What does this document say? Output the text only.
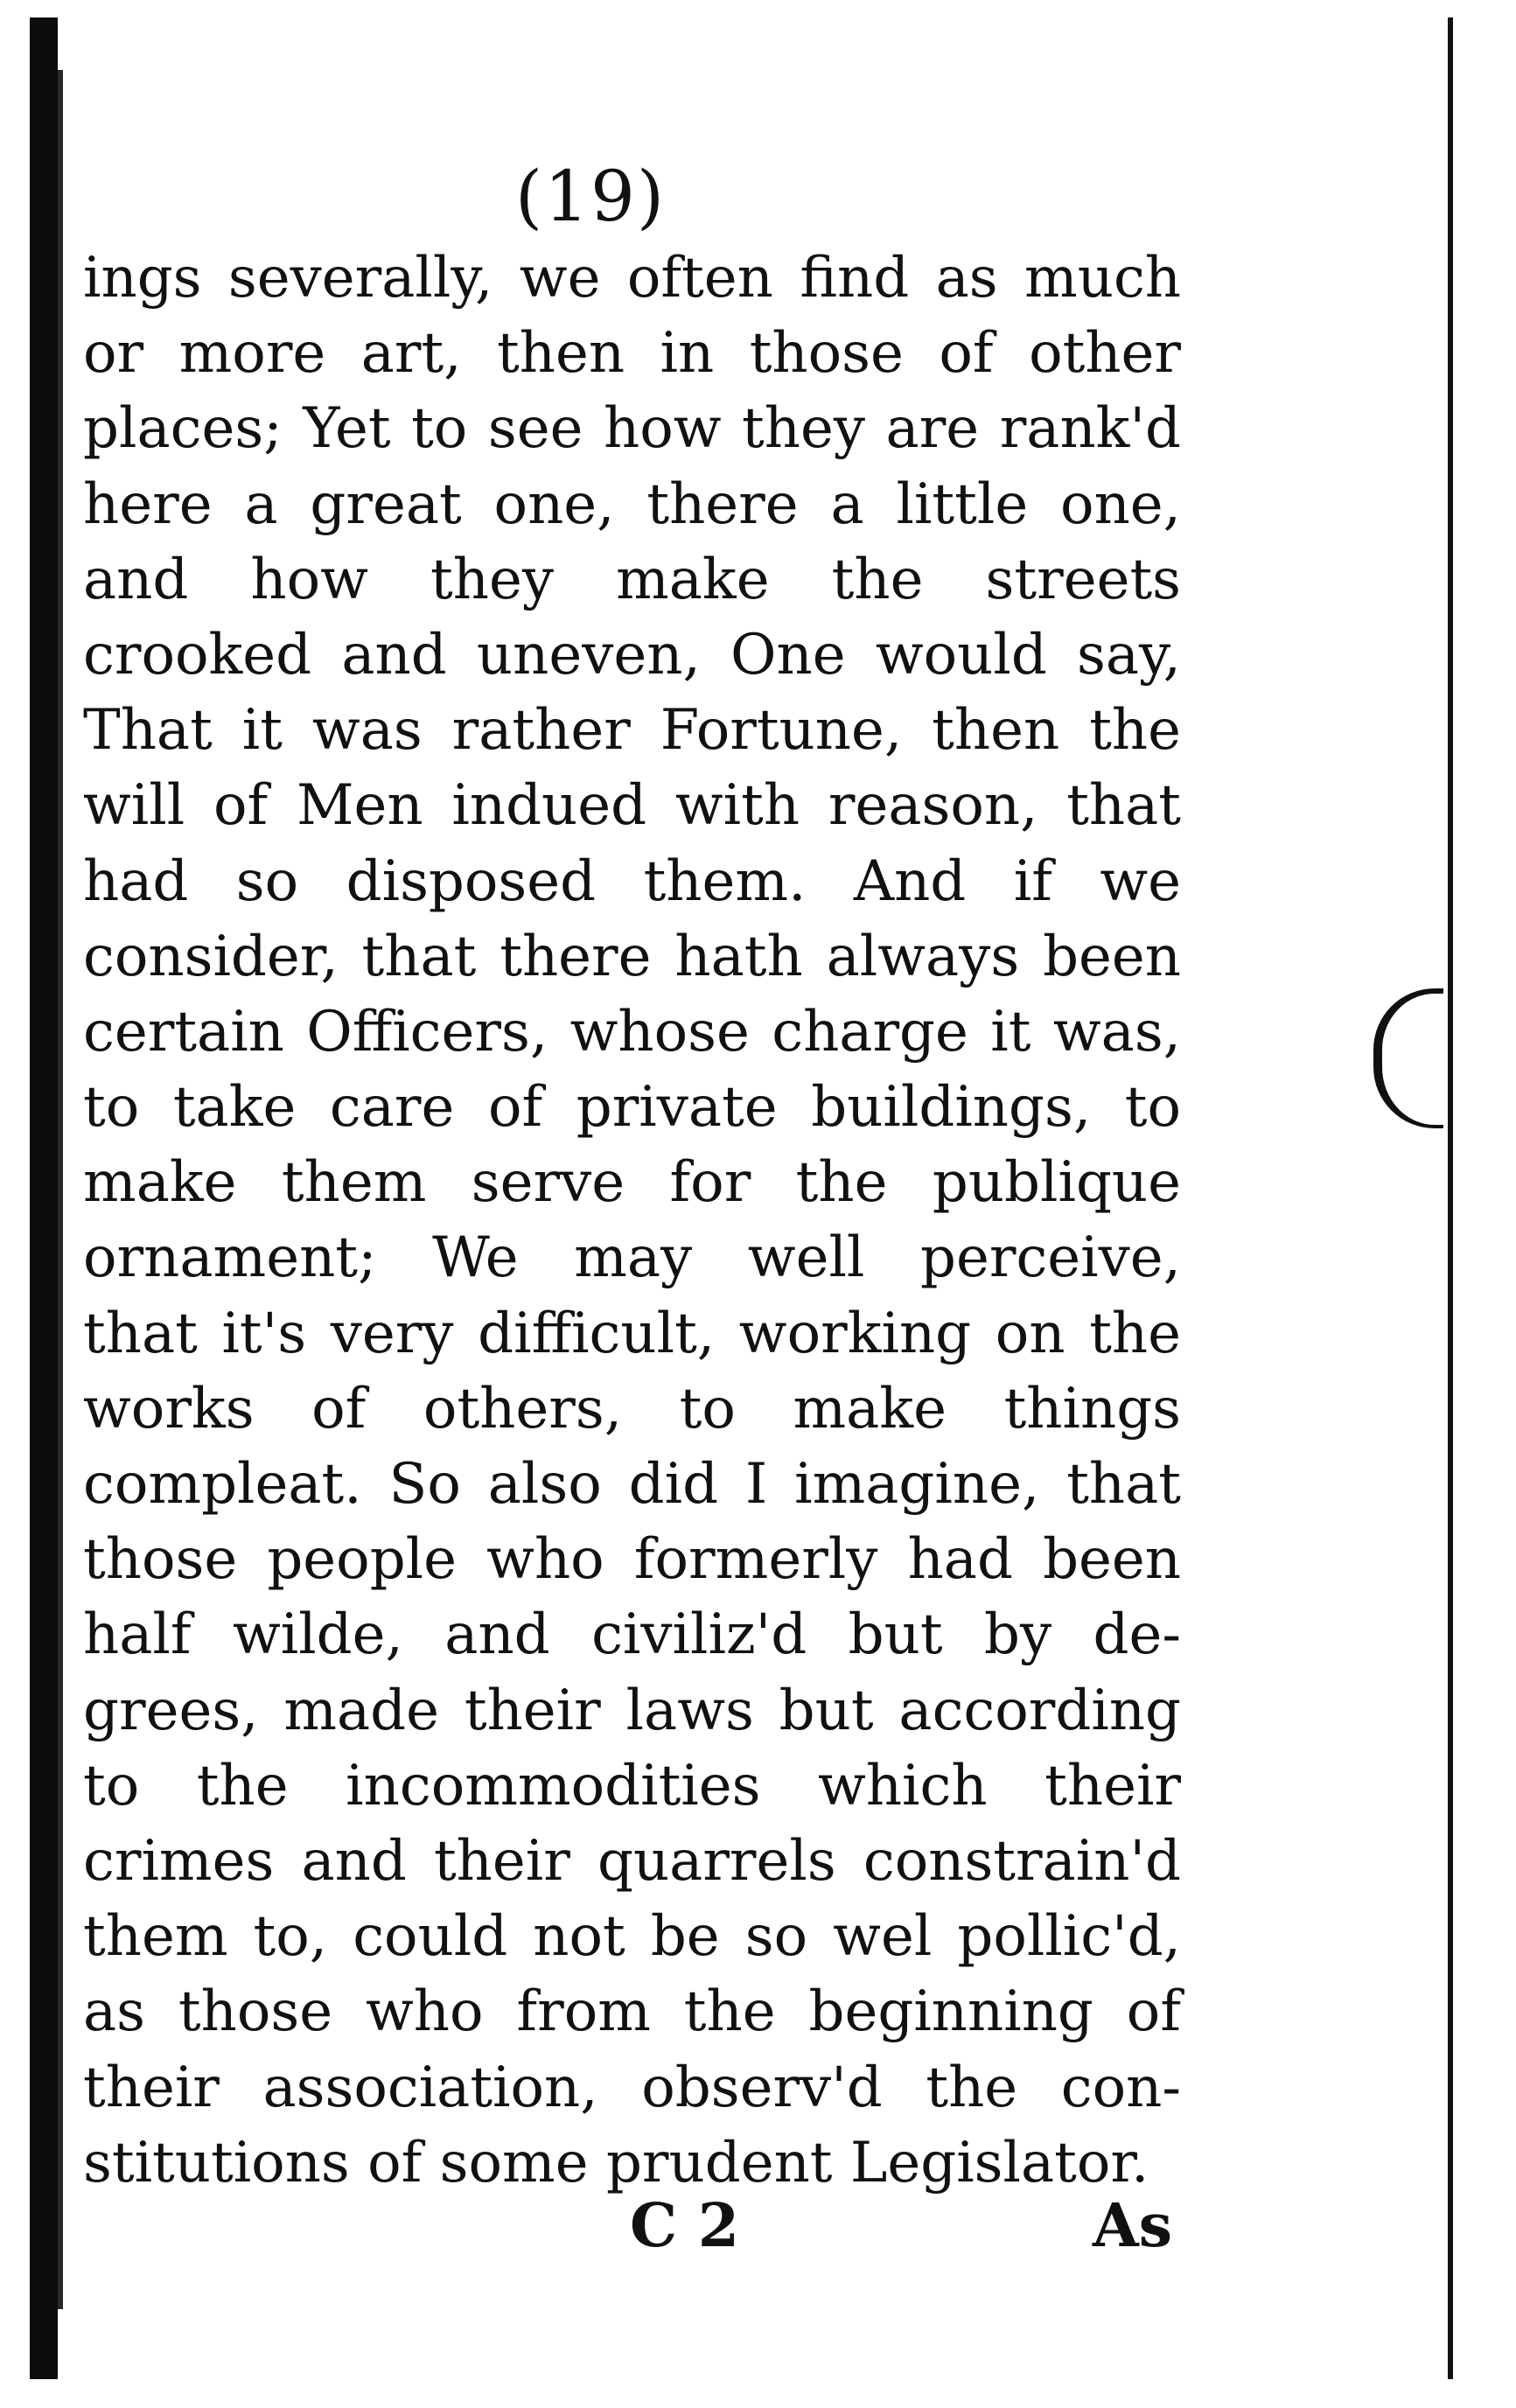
(19)
ings severally, we often find as much
or more art, then in those of other
places; Yet to see how they are rank'd
here a great one, there a little one,
and how they make the streets
crooked and uneven, One would say,
That it was rather Fortune, then the
will of Men indued with reason, that
had so disposed them. And if we
consider, that there hath always been
certain Officers, whose charge it was,
to take care of private buildings, to
make them serve for the publique
ornament; We may well perceive,
that it's very difficult, working on the
works of others, to make things
compleat. So also did I imagine, that
those people who formerly had been
half wilde, and civiliz'd but by de-
grees, made their laws but according
to the incommodities which their
crimes and their quarrels constrain'd
them to, could not be so wel pollic'd,
as those who from the beginning of
their association, observ'd the con-
stitutions of some prudent Legislator.
C 2	As
